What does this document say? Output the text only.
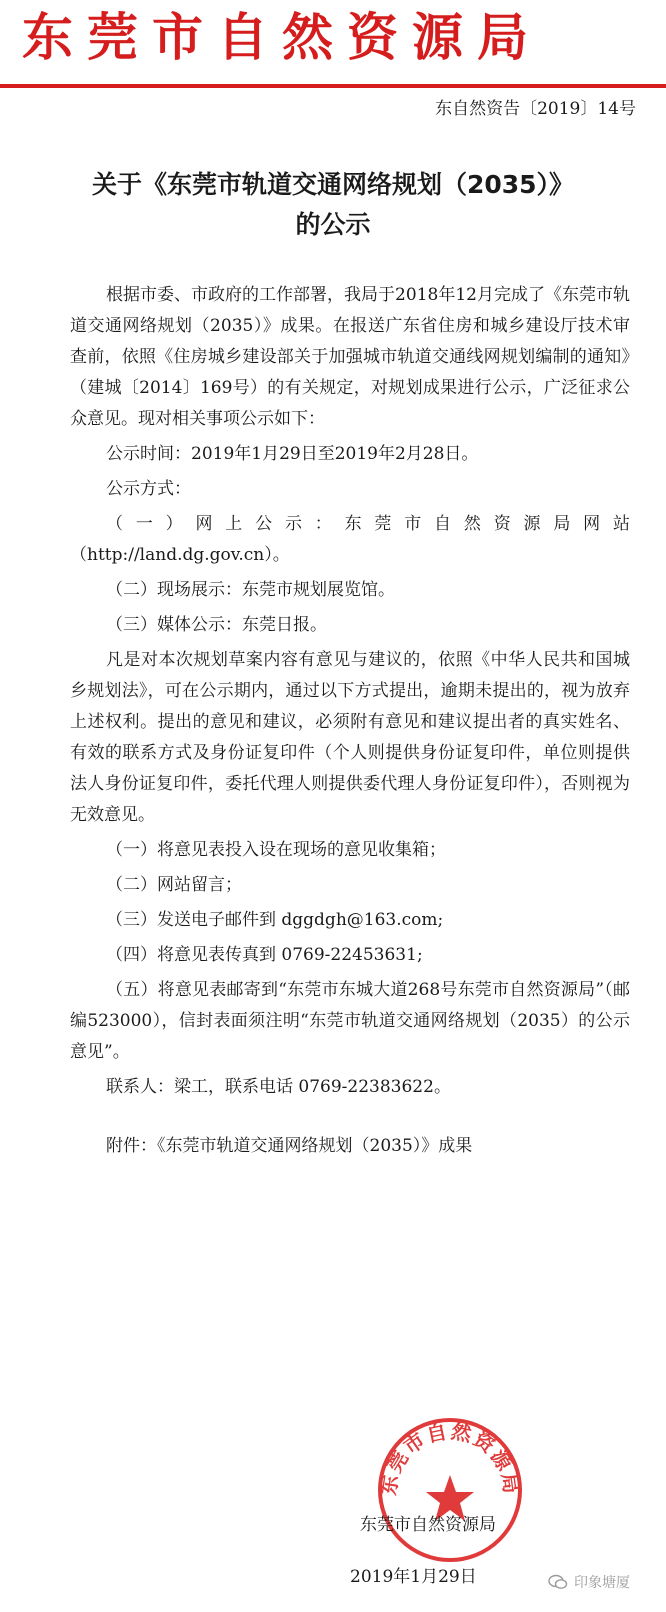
东莞市自然资源局
东自然资告〔2019〕14号
关于《东莞市轨道交通网络规划（2035）》
的公示

根据市委、市政府的工作部署，我局于2018年12月完成了《东莞市轨道交通网络规划（2035）》成果。在报送广东省住房和城乡建设厅技术审查前，依照《住房城乡建设部关于加强城市轨道交通线网规划编制的通知》（建城〔2014〕169号）的有关规定，对规划成果进行公示，广泛征求公众意见。现对相关事项公示如下：

公示时间：2019年1月29日至2019年2月28日。

公示方式：

（一）网上公示：东莞市自然资源局网站（http://land.dg.gov.cn）。

（二）现场展示：东莞市规划展览馆。

（三）媒体公示：东莞日报。

凡是对本次规划草案内容有意见与建议的，依照《中华人民共和国城乡规划法》，可在公示期内，通过以下方式提出，逾期未提出的，视为放弃上述权利。提出的意见和建议，必须附有意见和建议提出者的真实姓名、有效的联系方式及身份证复印件（个人则提供身份证复印件，单位则提供法人身份证复印件，委托代理人则提供委代理人身份证复印件），否则视为无效意见。

（一）将意见表投入设在现场的意见收集箱；

（二）网站留言；

（三）发送电子邮件到 dggdgh@163.com;

（四）将意见表传真到 0769-22453631;

（五）将意见表邮寄到“东莞市东城大道268号东莞市自然资源局”（邮编523000），信封表面须注明“东莞市轨道交通网络规划（2035）的公示意见”。

联系人：梁工，联系电话 0769-22383622。

附件：《东莞市轨道交通网络规划（2035）》成果

东莞市自然资源局
东莞市自然资源局
2019年1月29日	印象塘厦
